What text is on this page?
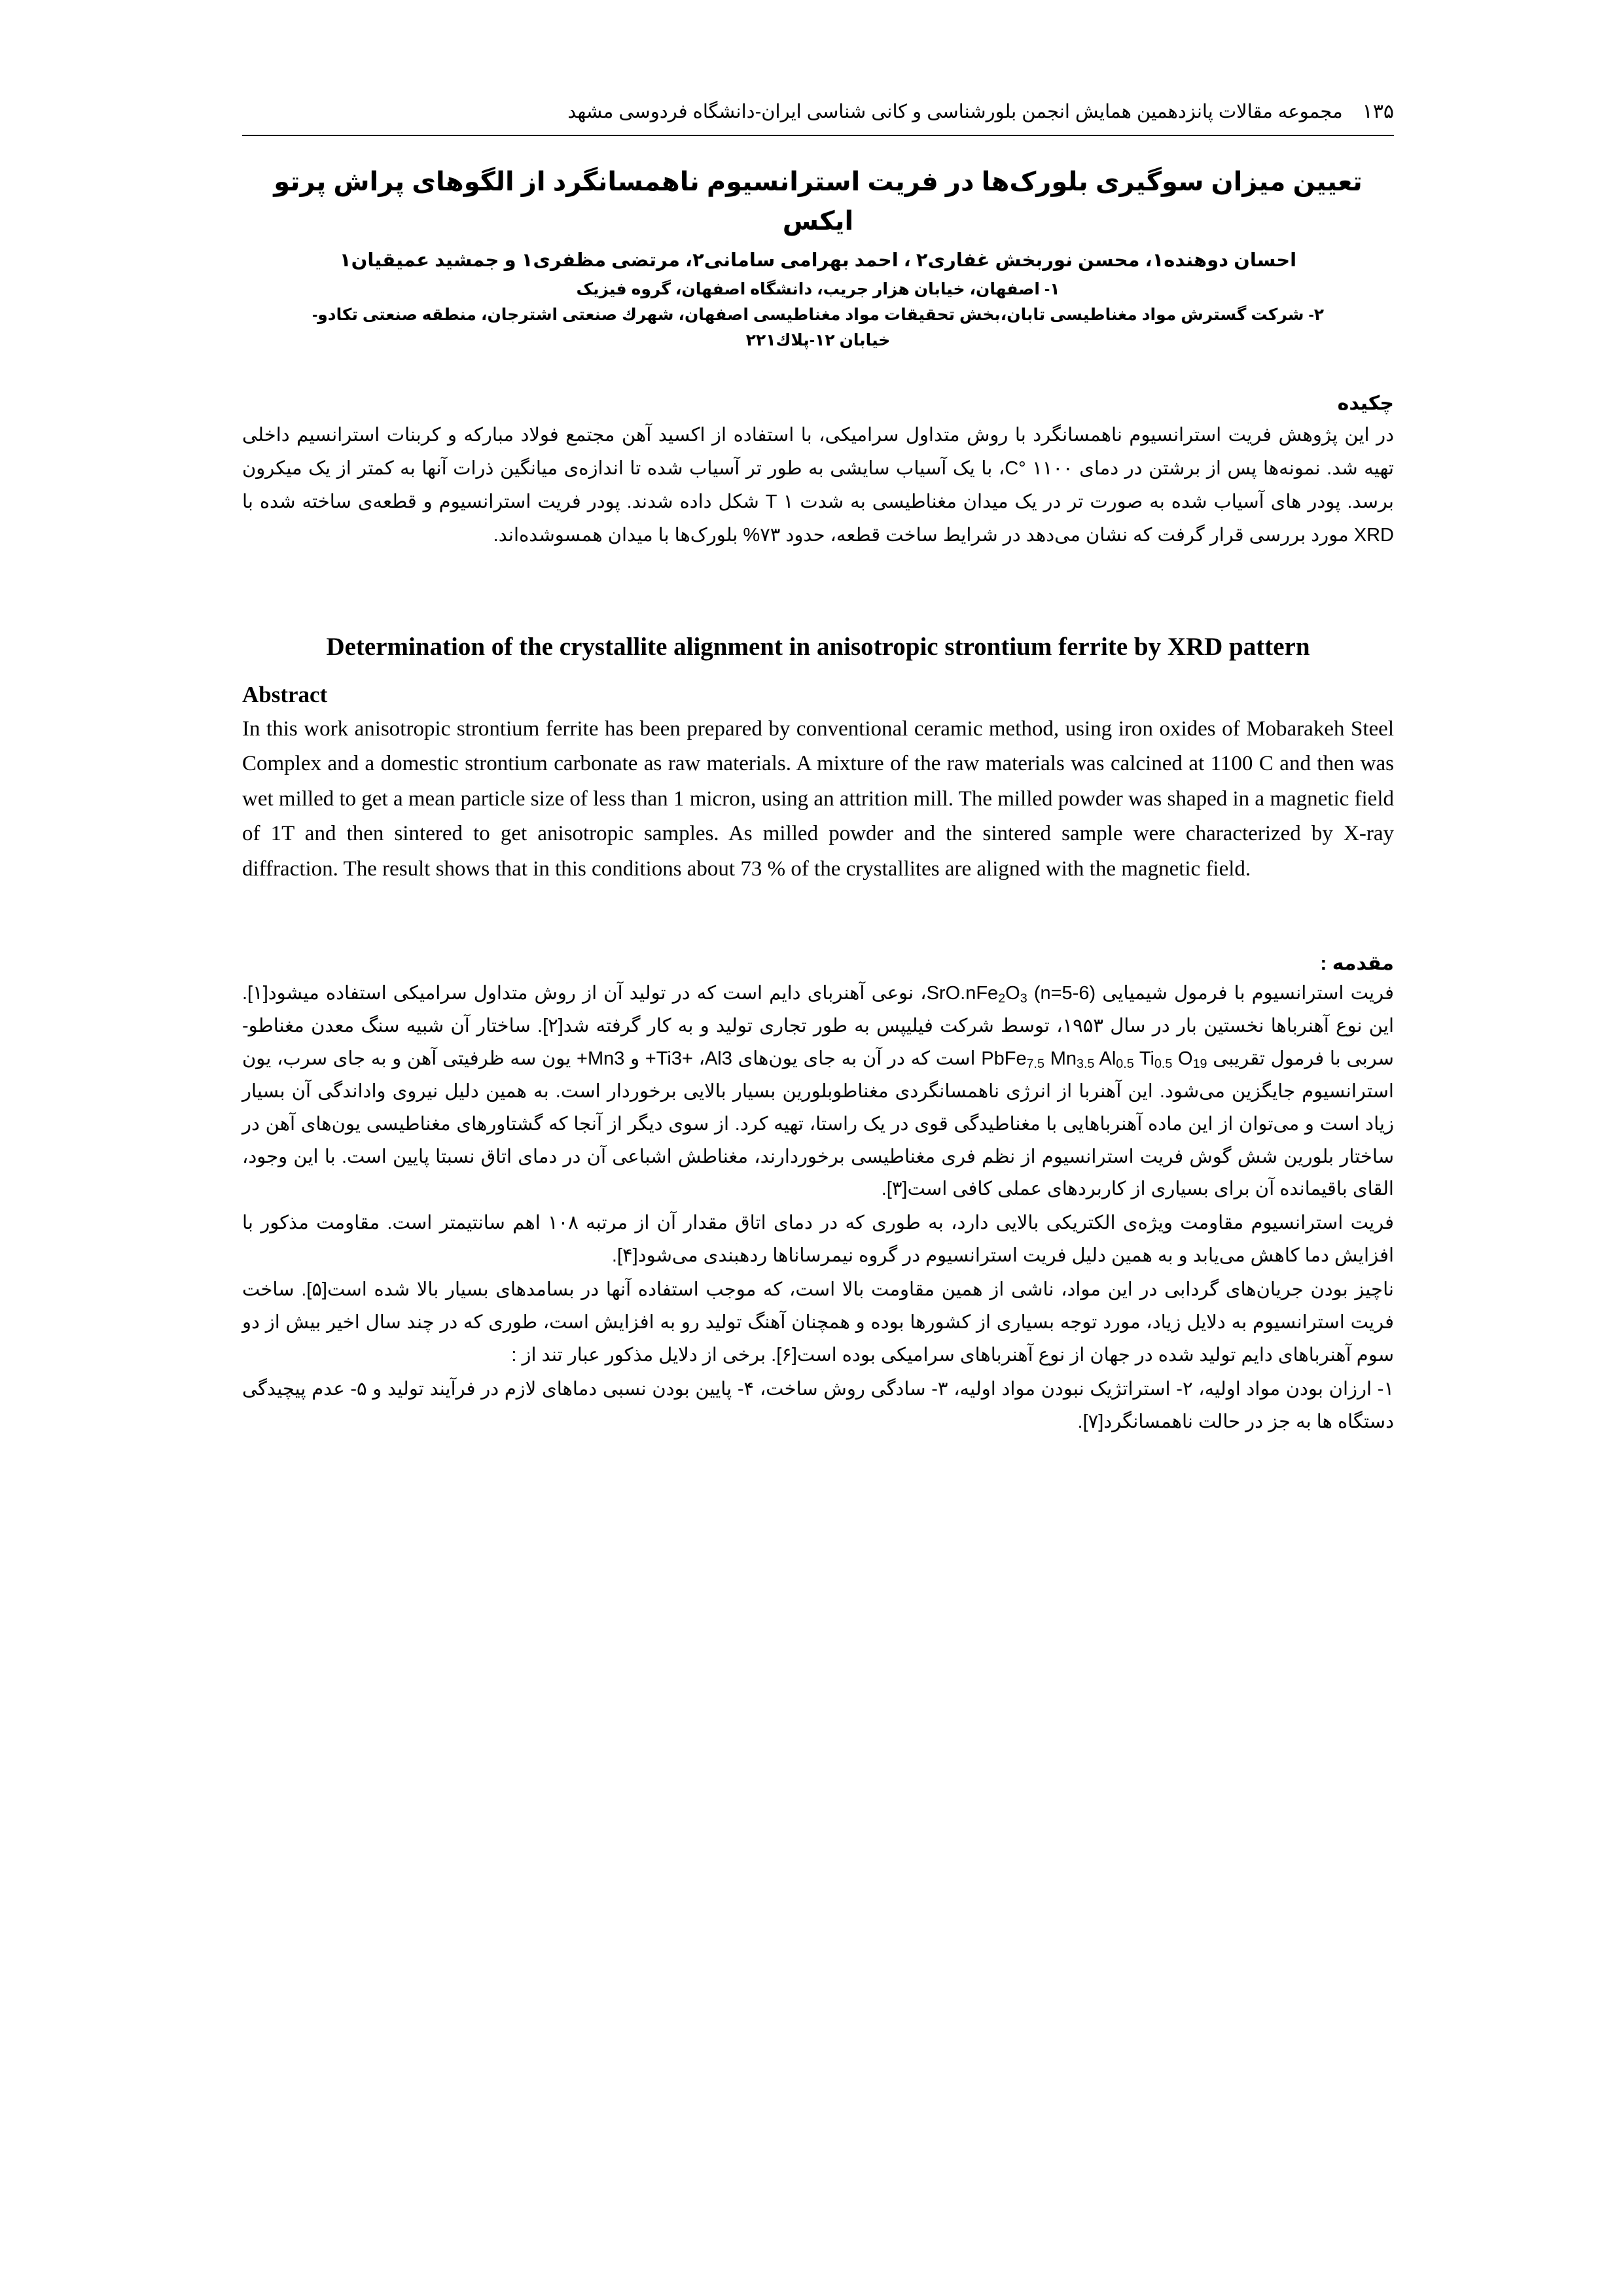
۱۳۵
مجموعه مقالات پانزدهمین همایش انجمن بلورشناسی و کانی شناسی ایران-دانشگاه فردوسی مشهد
تعیین میزان سوگیری بلورک‌ها در فریت استرانسیوم ناهمسانگرد از الگوهای پراش پرتو ایکس
احسان دوهنده۱، محسن نوربخش غفاری۲ ، احمد بهرامی سامانی۲، مرتضی مظفری۱ و جمشید عمیقیان۱
۱- اصفهان، خیابان هزار جریب، دانشگاه اصفهان، گروه فیزیک
۲- شرکت گسترش مواد مغناطیسی تابان،بخش تحقیقات مواد مغناطیسی اصفهان، شهرك صنعتی اشترجان، منطقه صنعتی تكادو-
خیابان ۱۲-پلاك۲۲۱
چکیده
در این پژوهش فریت استرانسیوم ناهمسانگرد با روش متداول سرامیکی، با استفاده از اکسید آهن مجتمع فولاد مبارکه و کربنات استرانسیم داخلی تهیه شد. نمونه‌ها پس از برشتن در دمای C° ۱۱۰۰، با یک آسیاب سایشی به طور تر آسیاب شده تا اندازه‌ی میانگین ذرات آنها به کمتر از یک میکرون برسد. پودر های آسیاب شده به صورت تر در یک میدان مغناطیسی به شدت T ۱ شکل داده شدند. پودر فریت استرانسیوم و قطعه‌ی ساخته شده با XRD مورد بررسی قرار گرفت که نشان می‌دهد در شرایط ساخت قطعه، حدود ۷۳% بلورک‌ها با میدان همسوشده‌اند.
Determination of the crystallite alignment in anisotropic strontium ferrite by XRD pattern
Abstract
In this work anisotropic strontium ferrite has been prepared by conventional ceramic method, using iron oxides of Mobarakeh Steel Complex and a domestic strontium carbonate as raw materials. A mixture of the raw materials was calcined at 1100 C and then was wet milled to get a mean particle size of less than 1 micron, using an attrition mill. The milled powder was shaped in a magnetic field of 1T and then sintered to get anisotropic samples. As milled powder and the sintered sample were characterized by X-ray diffraction. The result shows that in this conditions about 73 % of the crystallites are aligned with the magnetic field.
مقدمه :
فریت استرانسیوم با فرمول شیمیایی $SrO.nFe_2O_3$ (n=5-6)، نوعی آهنربای دایم است که در تولید آن از روش متداول سرامیکی استفاده میشود[۱]. این نوع آهنرباها نخستین بار در سال ۱۹۵۳، توسط شرکت فیلیپس به طور تجاری تولید و به کار گرفته شد[۲]. ساختار آن شبیه سنگ معدن مغناطو- سربی با فرمول تقریبی PbFe$_{7.5}$ $Mn_{3.5}$ $Al_{0.5}$ $Ti_{0.5}$ $O_{19}$ است که در آن به جای یون‌های Ti3+ ،Al3+ و Mn3+ یون سه ظرفیتی آهن و به جای سرب، یون استرانسیوم جایگزین می‌شود. این آهنربا از انرژی ناهمسانگردی مغناطوبلورین بسیار بالایی برخوردار است. به همین دلیل نیروی واداندگی آن بسیار زیاد است و می‌توان از این ماده آهنرباهایی با مغناطیدگی قوی در یک راستا، تهیه کرد. از سوی دیگر از آنجا که گشتاورهای مغناطیسی یون‌های آهن در ساختار بلورین شش گوش فریت استرانسیوم از نظم فری مغناطیسی برخوردارند، مغناطش اشباعی آن در دمای اتاق نسبتا پایین است. با این وجود، القای باقیمانده آن برای بسیاری از کاربردهای عملی کافی است[۳].
فریت استرانسیوم مقاومت ویژه‌ی الکتریکی بالایی دارد، به طوری که در دمای اتاق مقدار آن از مرتبه ۱۰۸ اهم سانتیمتر است. مقاومت مذکور با افزایش دما کاهش می‌یابد و به همین دلیل فریت استرانسیوم در گروه نیمرساناها ردهبندی می‌شود[۴].
ناچیز بودن جریان‌های گردابی در این مواد، ناشی از همین مقاومت بالا است، که موجب استفاده آنها در بسامدهای بسیار بالا شده است[۵]. ساخت فریت استرانسیوم به دلایل زیاد، مورد توجه بسیاری از کشورها بوده و همچنان آهنگ تولید رو به افزایش است، طوری که در چند سال اخیر بیش از دو سوم آهنرباهای دایم تولید شده در جهان از نوع آهنرباهای سرامیکی بوده است[۶]. برخی از دلایل مذکور عبار تند از :
۱- ارزان بودن مواد اولیه، ۲- استراتژیک نبودن مواد اولیه، ۳- سادگی روش ساخت، ۴- پایین بودن نسبی دماهای لازم در فرآیند تولید و ۵- عدم پیچیدگی دستگاه ها به جز در حالت ناهمسانگرد[۷].
